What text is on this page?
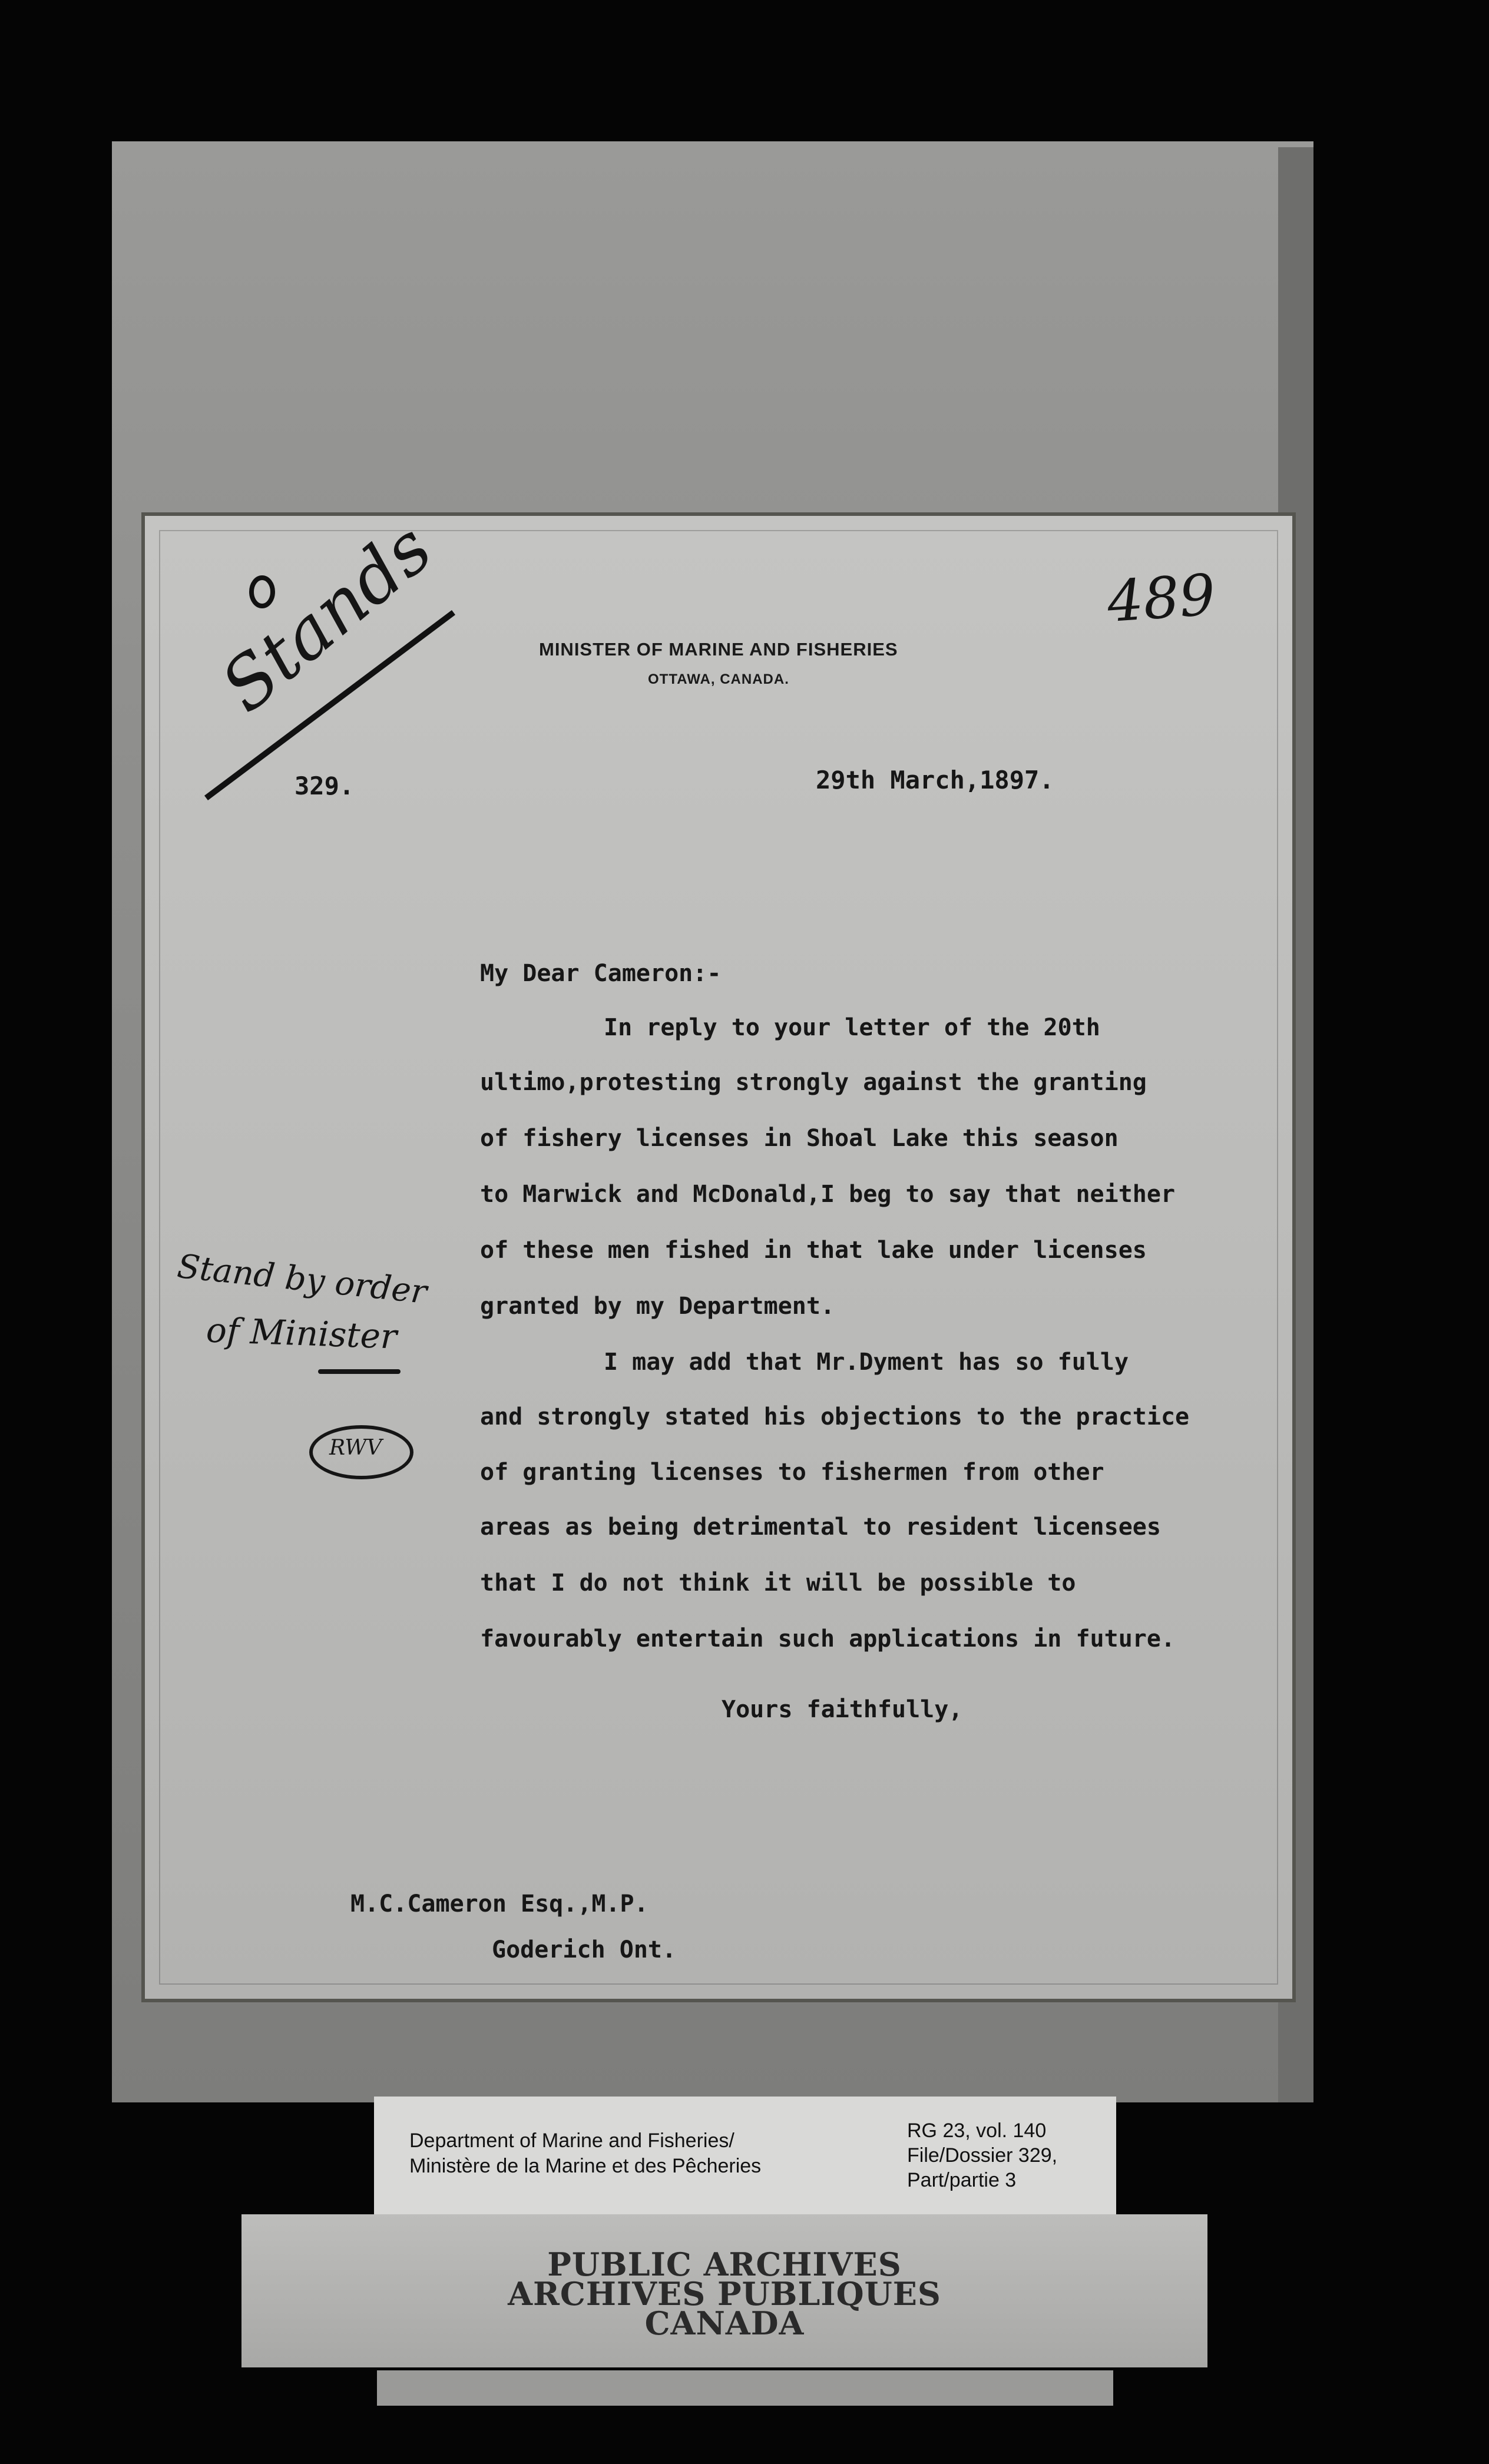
489
Stands	MINISTER OF MARINE AND FISHERIES
OTTAWA, CANADA.
329.	29th March,1897.
My Dear Cameron:-
In reply to your letter of the 20th
ultimo,protesting strongly against the granting
of fishery licenses in Shoal Lake this season
to Marwick and McDonald,I beg to say that neither
of these men fished in that lake under licenses
granted by my Department.
I may add that Mr.Dyment has so fully
and strongly stated his objections to the practice
of granting licenses to fishermen from other
areas as being detrimental to resident licensees
that I do not think it will be possible to
favourably entertain such applications in future.
Yours faithfully,
Stand by order
of Minister
RWV
M.C.Cameron Esq.,M.P.
Goderich Ont.
Department of Marine and Fisheries/
Ministère de la Marine et des Pêcheries
RG 23, vol. 140
File/Dossier 329,
Part/partie 3
PUBLIC ARCHIVES
ARCHIVES PUBLIQUES
CANADA
